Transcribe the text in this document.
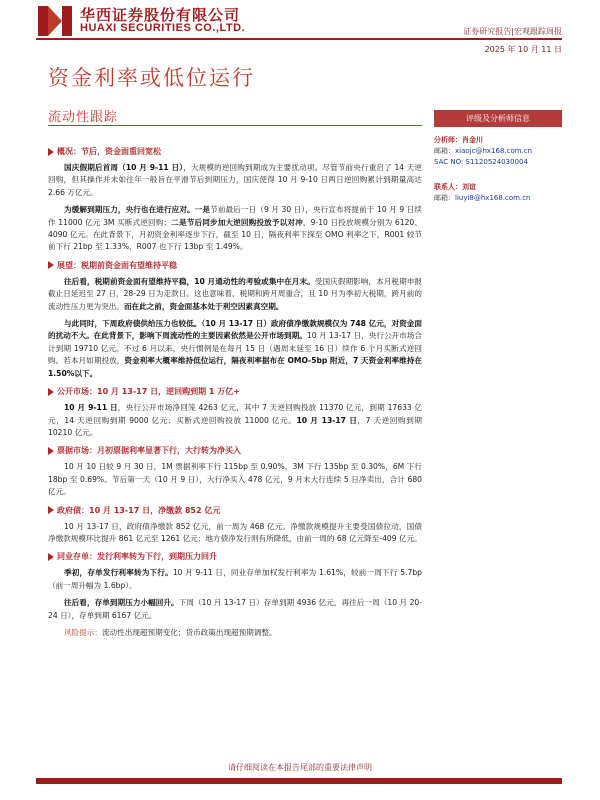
华西证券股份有限公司
HUAXI SECURITIES CO.,LTD.	证券研究报告|宏观跟踪周报
2025 年 10 月 11 日
资金利率或低位运行
流动性跟踪	评级及分析师信息
分析师：肖金川
邮箱：xiaojc@hx168.com.cn
SAC NO: S1120524030004
联系人：刘谊
邮箱：liuyi8@hx168.com.cn
概况：节后，资金面重回宽松

国庆假期后首周（10 月 9-11 日），大规模的逆回购到期成为主要扰动项。尽管节前央行重启了 14 天逆回购，但其操作并未如往年一般旨在平滑节后到期压力，国庆使得 10 月 9-10 日两日逆回购累计到期量高达 2.66 万亿元。

为缓解到期压力，央行也在进行应对。一是节前最后一日（9 月 30 日），央行宣布将提前于 10 月 9 日续作 11000 亿元 3M 买断式逆回购；二是节后同步加大逆回购投放予以对冲，9-10 日投放规模分别为 6120、4090 亿元。在此背景下，月初资金利率逐步下行，截至 10 日，隔夜利率下探至 OMO 利率之下，R001 较节前下行 21bp 至 1.33%，R007 也下行 13bp 至 1.49%。

展望：税期前资金面有望维持平稳

往后看，税期前资金面有望维持平稳，10 月通动性的考验或集中在月末。受国庆假期影响，本月税期申报截止日延迟至 27 日，28-29 日为走款日。这也意味着，税期和跨月周重合，且 10 月为季初大税期，跨月前的流动性压力更为突出。而在此之前，资金面基本处于利空因素真空期。

与此同时，下周政府债供给压力也较低。（10 月 13-17 日）政府债净缴款规模仅为 748 亿元，对资金面的扰动不大。在此背景下，影响下周流动性的主要因素依然是公开市场到期。10 月 13-17 日，央行公开市场合计到期 19710 亿元。不过 6 月以来，央行惯例是在每月 15 日（遇周末延至 16 日）续作 6 个月买断式逆回购。若本月如期投放，资金利率大概率维持低位运行，隔夜利率据布在 OMO-5bp 附近，7 天资金利率维持在 1.50%以下。

公开市场：10 月 13-17 日，逆回购到期 1 万亿+

10 月 9-11 日，央行公开市场净回笼 4263 亿元，其中 7 天逆回购投放 11370 亿元，到期 17633 亿元，14 天逆回购到期 9000 亿元；买断式逆回购投放 11000 亿元。10 月 13-17 日，7 天逆回购到期 10210 亿元。

票据市场：月初票据利率显著下行，大行转为净买入

10 月 10 日较 9 月 30 日，1M 票据利率下行 115bp 至 0.90%，3M 下行 135bp 至 0.30%，6M 下行 18bp 至 0.69%。节后第一天（10 月 9 日），大行净买入 478 亿元，9 月末大行连续 5 日净卖出，合计 680 亿元。

政府债：10 月 13-17 日，净缴款 852 亿元

10 月 13-17 日，政府债净缴款 852 亿元，前一周为 468 亿元。净缴款规模提升主要受国债拉动，国债净缴款规模环比提升 861 亿元至 1261 亿元；地方债净发行则有所降低，由前一周的 68 亿元降至-409 亿元。

同业存单：发行利率转为下行，到期压力回升

季初，存单发行利率转为下行。10 月 9-11 日，同业存单加权发行利率为 1.61%，较前一周下行 5.7bp（前一周升幅为 1.6bp）。

往后看，存单到期压力小幅回升。下周（10 月 13-17 日）存单到期 4936 亿元，再往后一周（10 月 20-24 日），存单到期 6167 亿元。

风险提示：流动性出现超预期变化；货币政策出现超预期调整。
请仔细阅读在本报告尾部的重要法律声明
